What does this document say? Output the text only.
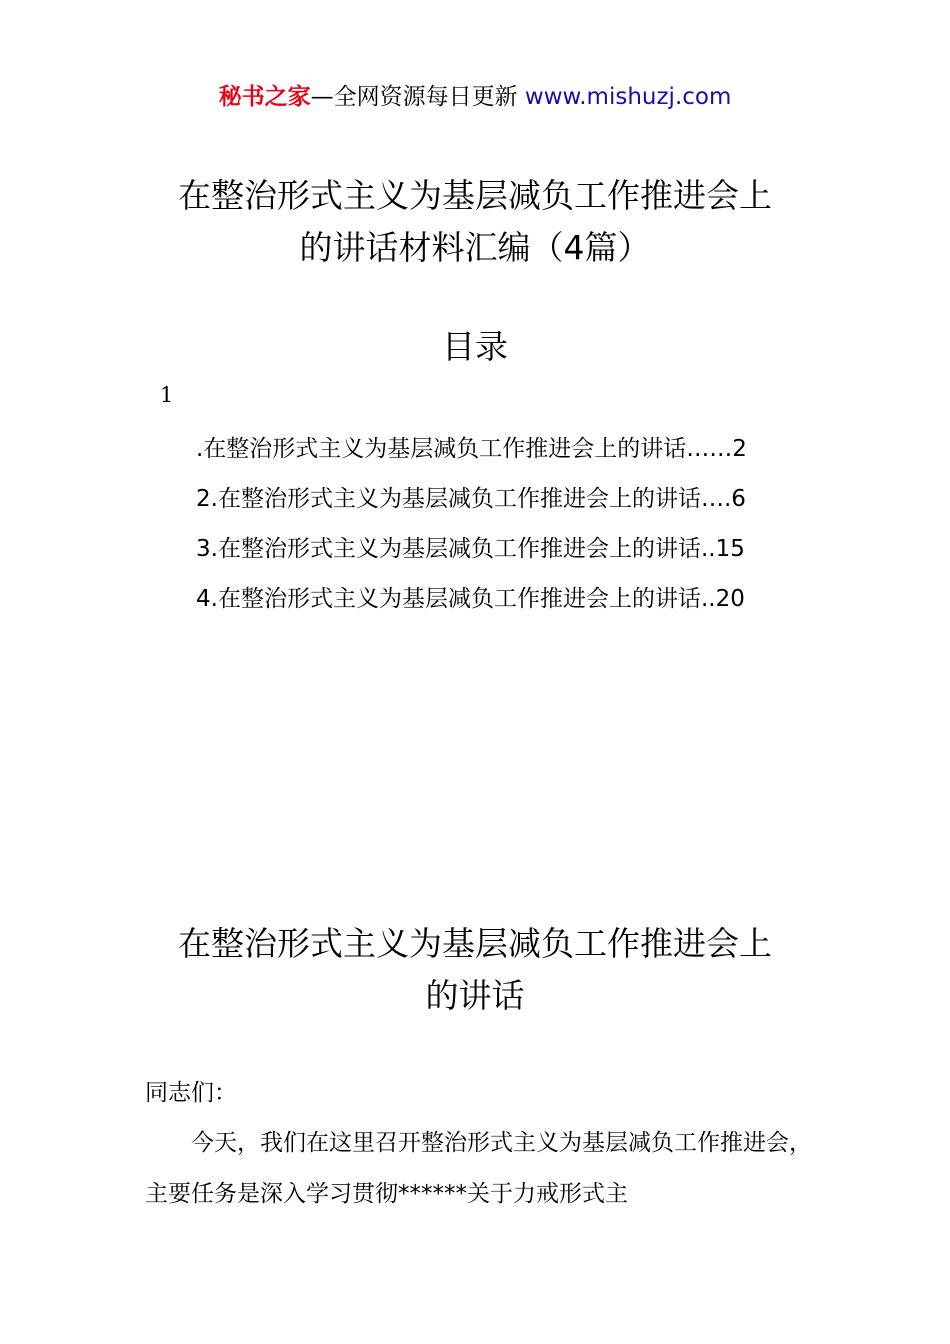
秘书之家—全网资源每日更新 www.mishuzj.com
在整治形式主义为基层减负工作推进会上
的讲话材料汇编（4篇）
目录
1
.在整治形式主义为基层减负工作推进会上的讲话……2
2.在整治形式主义为基层减负工作推进会上的讲话….6
3.在整治形式主义为基层减负工作推进会上的讲话..15
4.在整治形式主义为基层减负工作推进会上的讲话..20
在整治形式主义为基层减负工作推进会上
的讲话

同志们：

今天，我们在这里召开整治形式主义为基层减负工作推进会，主要任务是深入学习贯彻******关于力戒形式主
